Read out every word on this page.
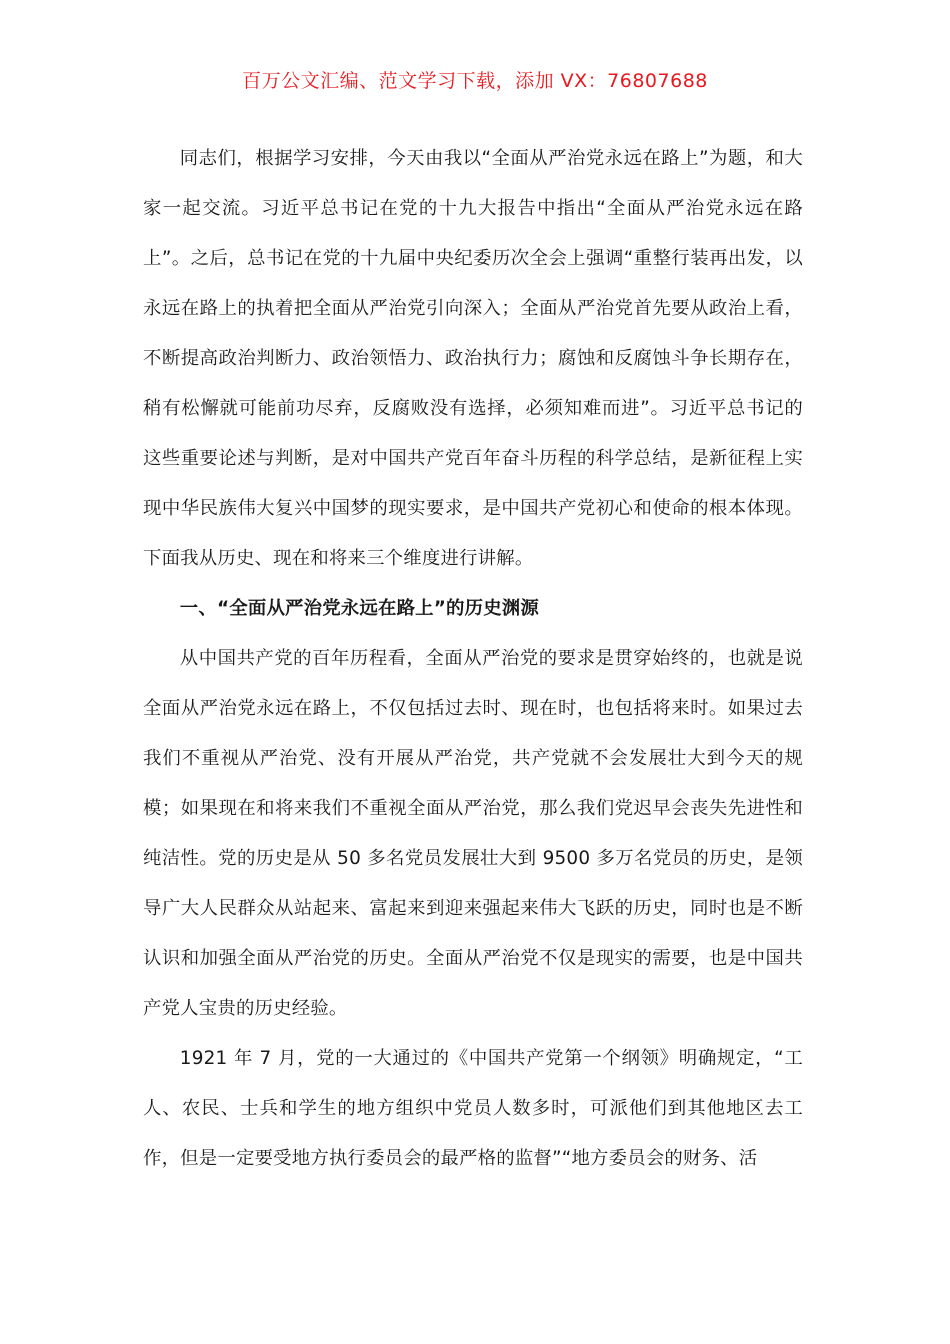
百万公文汇编、范文学习下载，添加 VX：76807688

同志们，根据学习安排，今天由我以“全面从严治党永远在路上”为题，和大家一起交流。习近平总书记在党的十九大报告中指出“全面从严治党永远在路上”。之后，总书记在党的十九届中央纪委历次全会上强调“重整行装再出发，以永远在路上的执着把全面从严治党引向深入；全面从严治党首先要从政治上看，不断提高政治判断力、政治领悟力、政治执行力；腐蚀和反腐蚀斗争长期存在，稍有松懈就可能前功尽弃，反腐败没有选择，必须知难而进”。习近平总书记的这些重要论述与判断，是对中国共产党百年奋斗历程的科学总结，是新征程上实现中华民族伟大复兴中国梦的现实要求，是中国共产党初心和使命的根本体现。下面我从历史、现在和将来三个维度进行讲解。

一、“全面从严治党永远在路上”的历史渊源

从中国共产党的百年历程看，全面从严治党的要求是贯穿始终的，也就是说全面从严治党永远在路上，不仅包括过去时、现在时，也包括将来时。如果过去我们不重视从严治党、没有开展从严治党，共产党就不会发展壮大到今天的规模；如果现在和将来我们不重视全面从严治党，那么我们党迟早会丧失先进性和纯洁性。党的历史是从 50 多名党员发展壮大到 9500 多万名党员的历史，是领导广大人民群众从站起来、富起来到迎来强起来伟大飞跃的历史，同时也是不断认识和加强全面从严治党的历史。全面从严治党不仅是现实的需要，也是中国共产党人宝贵的历史经验。

1921 年 7 月，党的一大通过的《中国共产党第一个纲领》明确规定，“工人、农民、士兵和学生的地方组织中党员人数多时，可派他们到其他地区去工作，但是一定要受地方执行委员会的最严格的监督”“地方委员会的财务、活
